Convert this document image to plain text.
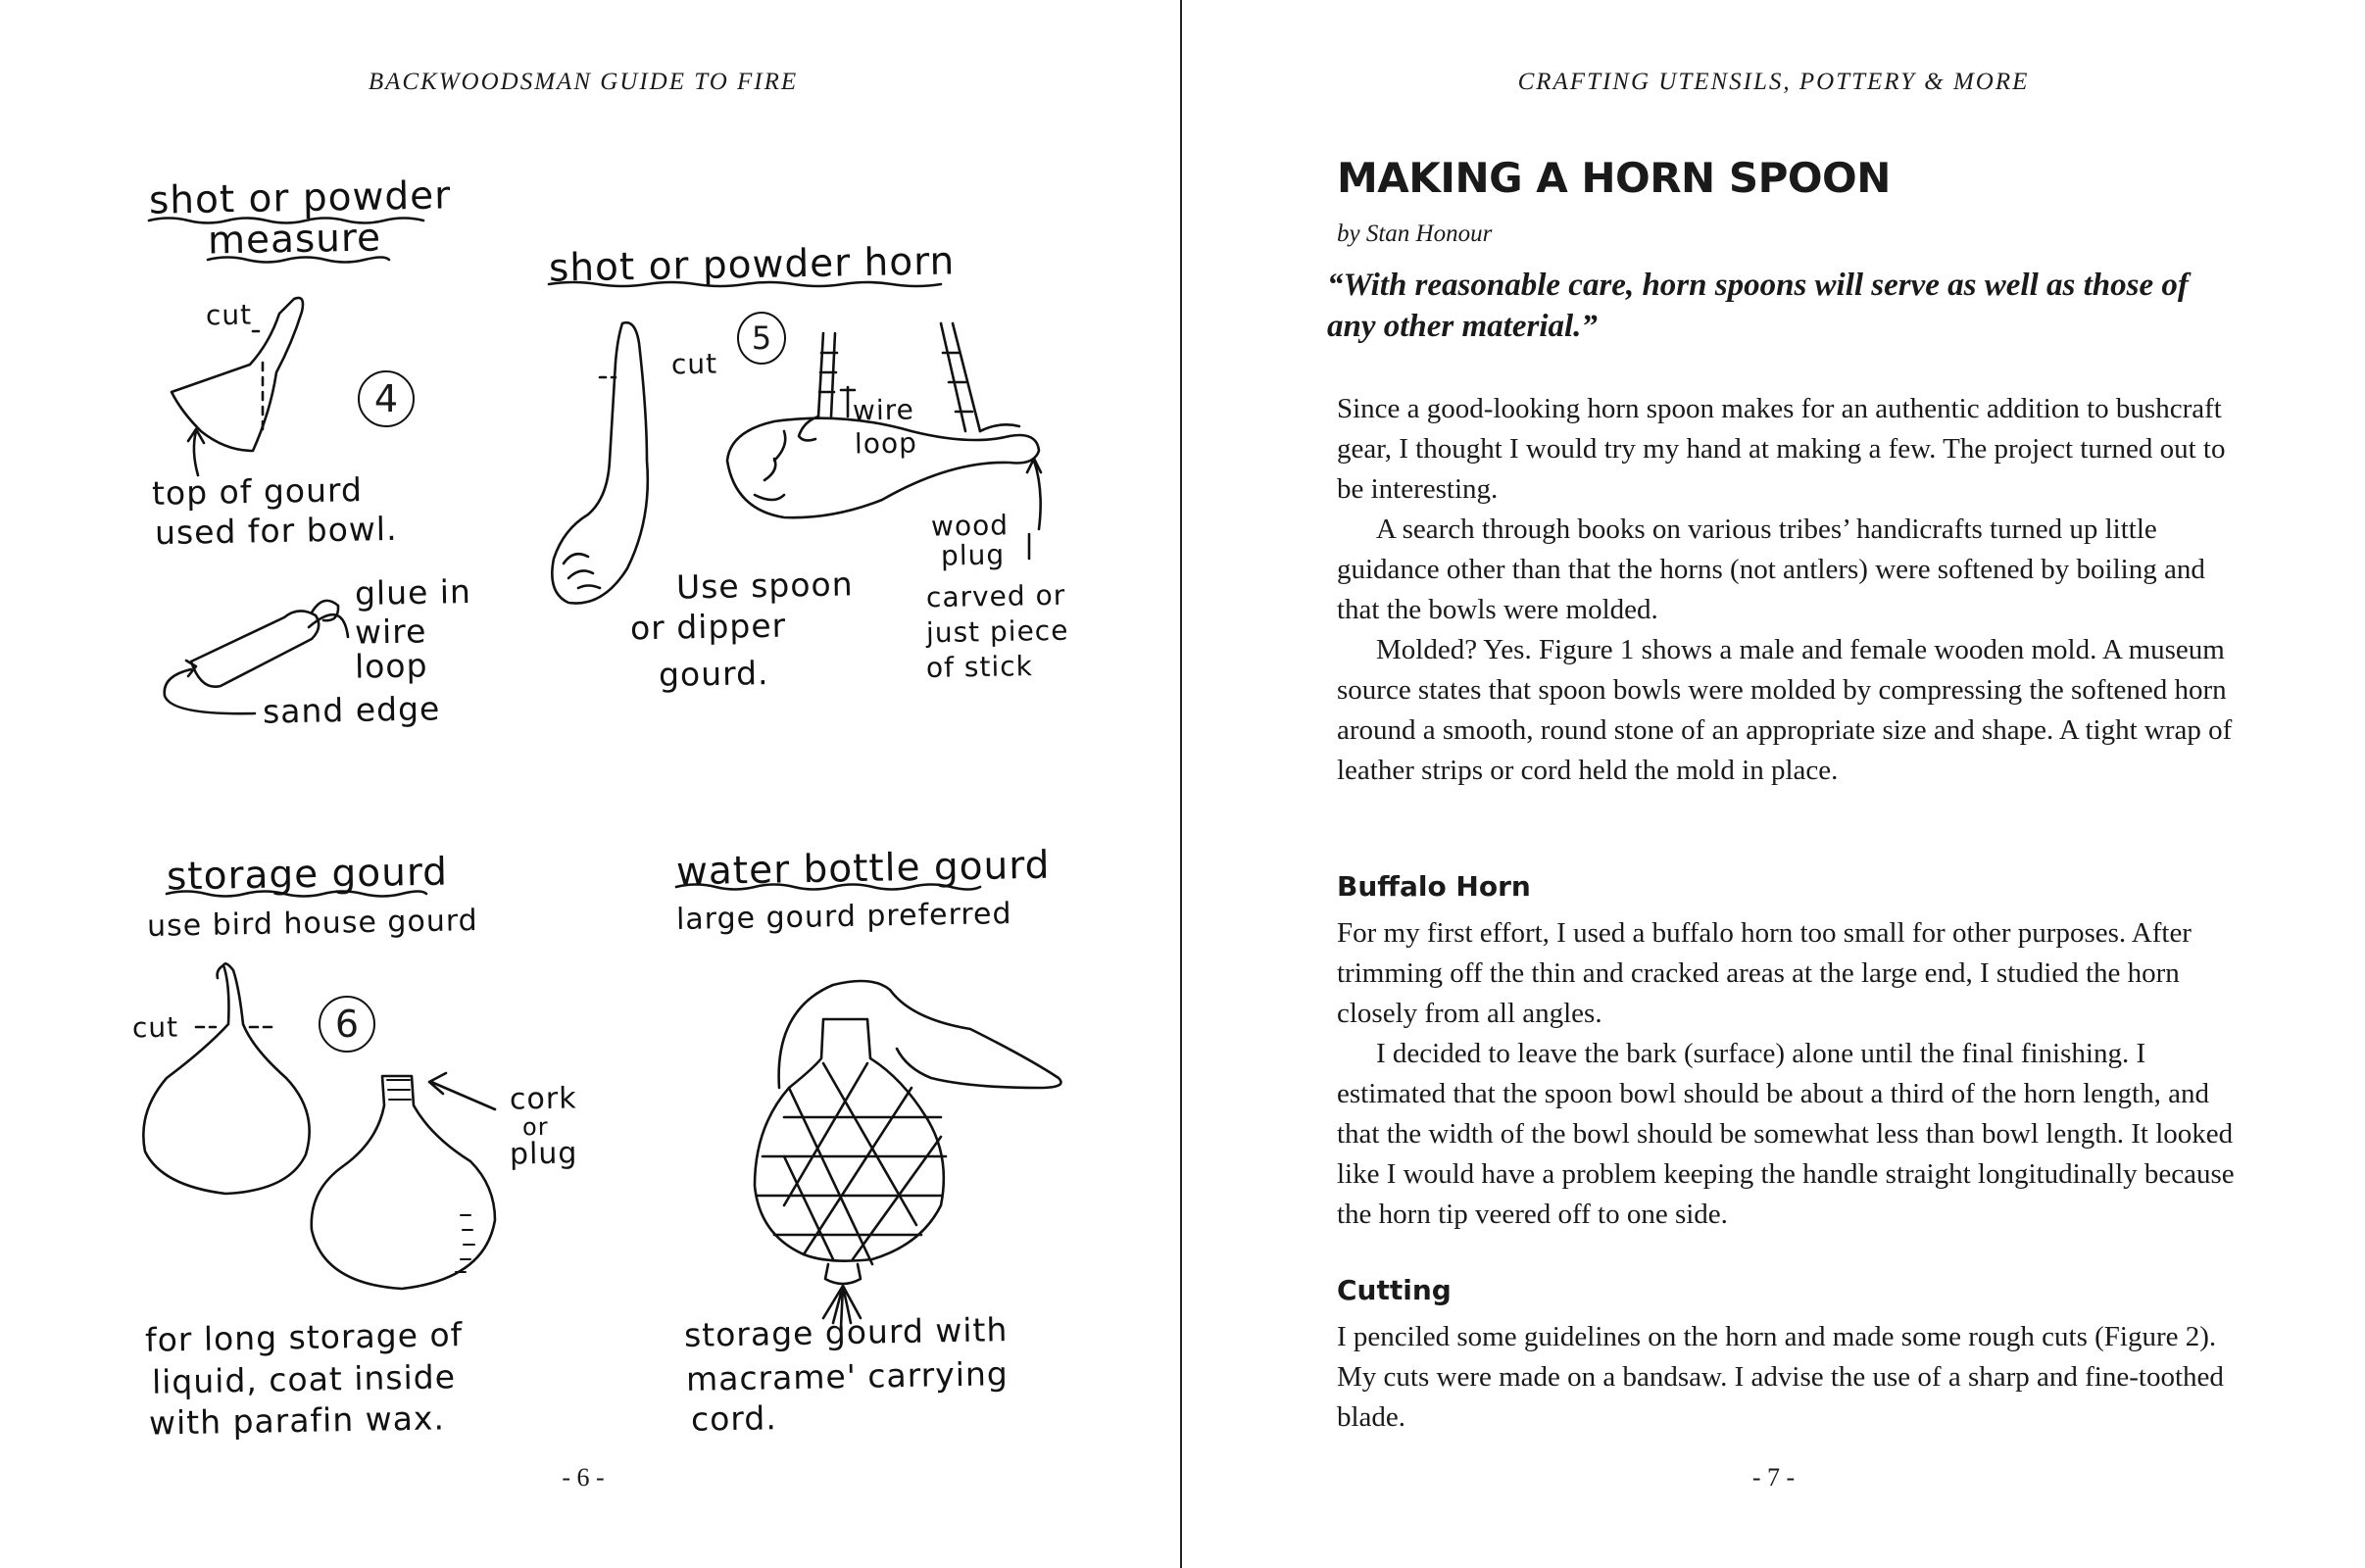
BACKWOODSMAN GUIDE TO FIRE
shot or powder
measure
cut
4
top of gourd
used for bowl.
glue in
wire
loop
sand edge
shot or powder horn
cut
5
wire
loop
wood
plug
Use spoon
or dipper
gourd.
carved or
just piece
of stick
storage gourd
use bird house gourd
cut	6
cork
or
plug
for long storage of
liquid, coat inside
with parafin wax.
water bottle gourd
large gourd preferred
storage gourd with
macrame' carrying
cord.
- 6 -
CRAFTING UTENSILS, POTTERY & MORE
MAKING A HORN SPOON
by Stan Honour
“With reasonable care, horn spoons will serve as well as those of any other material.”

Since a good-looking horn spoon makes for an authentic addition to bushcraft gear, I thought I would try my hand at making a few. The project turned out to be interesting.

A search through books on various tribes’ handicrafts turned up little guidance other than that the horns (not antlers) were softened by boiling and that the bowls were molded.

Molded? Yes. Figure 1 shows a male and female wooden mold. A museum source states that spoon bowls were molded by compressing the softened horn around a smooth, round stone of an appropriate size and shape. A tight wrap of leather strips or cord held the mold in place.

Buffalo Horn

For my first effort, I used a buffalo horn too small for other purposes. After trimming off the thin and cracked areas at the large end, I studied the horn closely from all angles.

I decided to leave the bark (surface) alone until the final finishing. I estimated that the spoon bowl should be about a third of the horn length, and that the width of the bowl should be somewhat less than bowl length. It looked like I would have a problem keeping the handle straight longitudinally because the horn tip veered off to one side.

Cutting

I penciled some guidelines on the horn and made some rough cuts (Figure 2). My cuts were made on a bandsaw. I advise the use of a sharp and fine-toothed blade.

- 7 -
